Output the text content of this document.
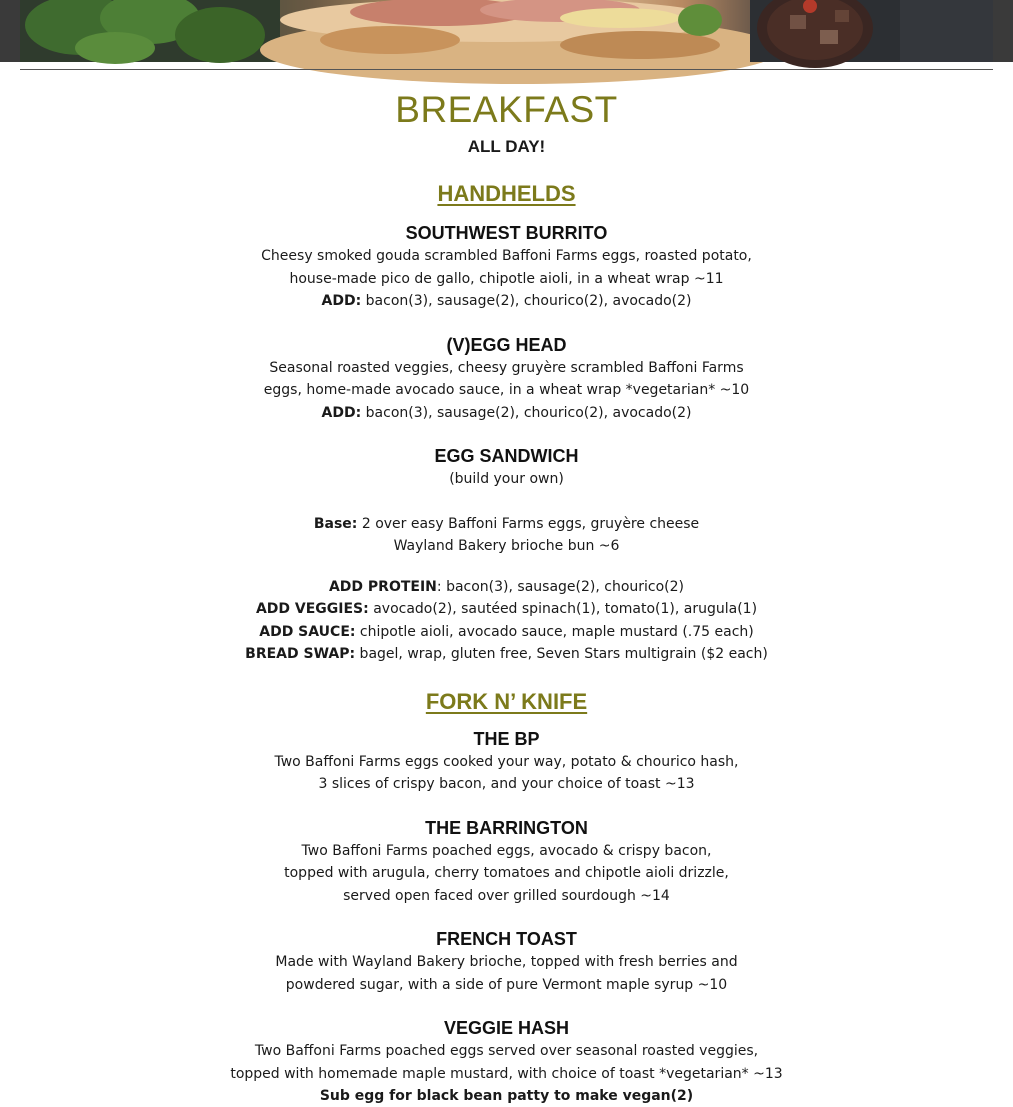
BREAKFAST

ALL DAY!

HANDHELDS

SOUTHWEST BURRITO

Cheesy smoked gouda scrambled Baffoni Farms eggs, roasted potato,

house-made pico de gallo, chipotle aioli, in a wheat wrap ~11

ADD: bacon(3), sausage(2), chourico(2), avocado(2)

(V)EGG HEAD

Seasonal roasted veggies, cheesy gruyère scrambled Baffoni Farms

eggs, home-made avocado sauce, in a wheat wrap *vegetarian* ~10

ADD: bacon(3), sausage(2), chourico(2), avocado(2)

EGG SANDWICH

(build your own)

Base: 2 over easy Baffoni Farms eggs, gruyère cheese

Wayland Bakery brioche bun ~6

ADD PROTEIN: bacon(3), sausage(2), chourico(2)

ADD VEGGIES: avocado(2), sautéed spinach(1), tomato(1), arugula(1)

ADD SAUCE: chipotle aioli, avocado sauce, maple mustard (.75 each)

BREAD SWAP: bagel, wrap, gluten free, Seven Stars multigrain ($2 each)

FORK N’ KNIFE

THE BP

Two Baffoni Farms eggs cooked your way, potato & chourico hash,

3 slices of crispy bacon, and your choice of toast ~13

THE BARRINGTON

Two Baffoni Farms poached eggs, avocado & crispy bacon,

topped with arugula, cherry tomatoes and chipotle aioli drizzle,

served open faced over grilled sourdough ~14

FRENCH TOAST

Made with Wayland Bakery brioche, topped with fresh berries and

powdered sugar, with a side of pure Vermont maple syrup ~10

VEGGIE HASH

Two Baffoni Farms poached eggs served over seasonal roasted veggies,

topped with homemade maple mustard, with choice of toast *vegetarian* ~13

Sub egg for black bean patty to make vegan(2)
